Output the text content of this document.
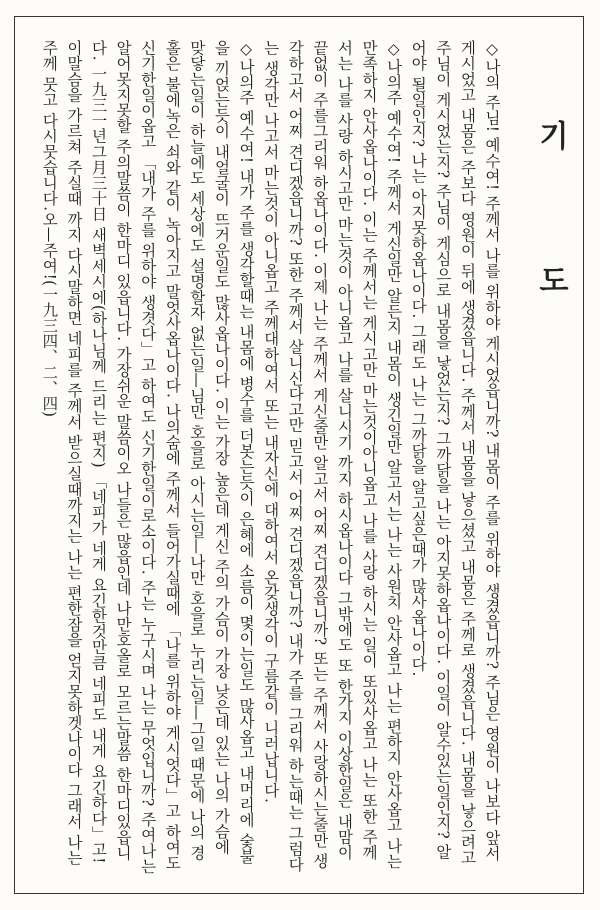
기 도

◇나의 주님! 예수여! 주께서 나를 위하야 게시었읍니까? 내몸이 주를 위하야 생겼읍니까? 주님은 영원이 나보다 앞서 게시었고 내몸은 주보다 영원이 뒤에 생겼읍니다. 주께서 내몸을 낳으셨고 내몸은 주께로 생겼읍니다. 내몸을 낳으려고 주님이 게시었는지? 주님이 게심으로 내몸을 낳었는지? 그까닭을 나는 아지못하옵나이다. 이일이 알수있는일인지? 알어야 될일인지? 나는 아지못하옵나이다. 그래도 나는 그까닭을 알고싶은때가 많사옵나이다.

◇나의주 예수여! 주께서 게신일만 알든지 내몸이 생긴일만 알고서는 나는 사원치 안사옵고 나는 편하지 안사옵고 나는 만족하지 안사옵나이다. 이는 주께서는 게시고만 마는것이아니옵고 나를 사랑 하시는 일이 또있사옵고 나는 또한 주께서는 나를 사랑 하시고만 마는것이 아니옵고 나를 살니시기 까지 하시옵나이다 그밖에도 또 한가지 이상한일은 내맘이 끝없이 주를그리워 하옵나이다. 이제 나는 주께서 게신줄만 알고서 어찌 견디겠읍니까? 또는 주께서 사랑하시는줄만 생각하고서 어찌 견디겠읍니까? 또한 주께서 살니신다고만 믿고서 어찌 견디겠읍니까? 내가 주를 그리워 하는때는 그럼다는 생각만 나고서 마는것이 아니옵고 주께대하여서 또는 내자신에 대하여서 온갖생각이 구름같이 니러납니다.

◇나의주 예수여! 내가 주를 생각할때는 내몸에 병수를 더봇는듯이 은혜에 소름이 몇이는일도 많사옵고 내머리에 숯불을 끼얹는듯이 내얼굴이 뜨거운일도 많사옵나이다. 이는 가장 높은데 게신 주의 가슴이 가장 낮은데 있는 나의 가슴에 맞닿는일이 하늘에도 세상에도 설명할자 없는일—님만 호을로 아시는일—나만 호을로 누리는일—그일 때문에 나의 경홀은 불에녹은 쇠와 같이 녹아지고 말엇사옵나이다. 나의숨에 주께서 들어가실때에 「나를 위하야 게시엇다」고 하여도 신기한일이옵고 「내가 주를 위하야 생겻다」고 하여도 신기한일이로소이다. 주는 누구시며 나는 무엇입니까? 주여나는 알어못지못할 주의말씀이 한마디 있읍니다. 가장쉬운 말씀이오 나들은 많읍인데 나만호올로 모르는말씀 한마디있읍니다. 一九三一년그月三十日 새벽세시에(하나님께 드리는 편지) 「네피가 네게 요긴한것만큼 네피도 내게 요긴하다」고! 이말슴을 가르쳐 주실때 까지 다시말하면 네피를 주께서 받으실때까지는 나는 편한잠을 얻지못하겟나이다 그래서 나는 주께 뭇고 다시뭇습니다.오—주여!(一九三四、二、四)
